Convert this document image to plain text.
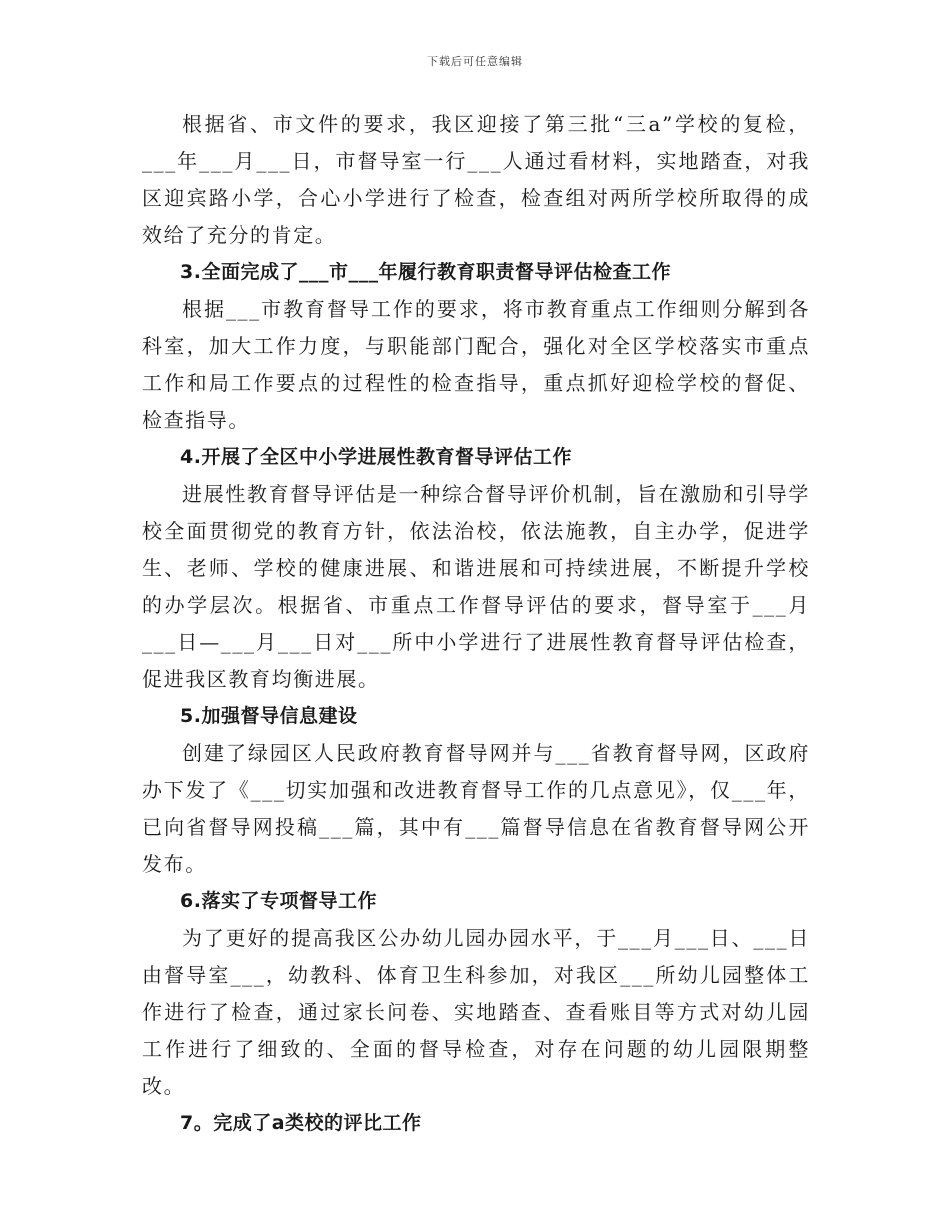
下载后可任意编辑

根据省、市文件的要求，我区迎接了第三批“三a”学校的复检，___年___月___日，市督导室一行___人通过看材料，实地踏查，对我区迎宾路小学，合心小学进行了检查，检查组对两所学校所取得的成效给了充分的肯定。

3.全面完成了___市___年履行教育职责督导评估检查工作

根据___市教育督导工作的要求，将市教育重点工作细则分解到各科室，加大工作力度，与职能部门配合，强化对全区学校落实市重点工作和局工作要点的过程性的检查指导，重点抓好迎检学校的督促、检查指导。

4.开展了全区中小学进展性教育督导评估工作

进展性教育督导评估是一种综合督导评价机制，旨在激励和引导学校全面贯彻党的教育方针，依法治校，依法施教，自主办学，促进学生、老师、学校的健康进展、和谐进展和可持续进展，不断提升学校的办学层次。根据省、市重点工作督导评估的要求，督导室于___月___日—___月___日对___所中小学进行了进展性教育督导评估检查，促进我区教育均衡进展。

5.加强督导信息建设

创建了绿园区人民政府教育督导网并与___省教育督导网，区政府办下发了《___切实加强和改进教育督导工作的几点意见》，仅___年，已向省督导网投稿___篇，其中有___篇督导信息在省教育督导网公开发布。

6.落实了专项督导工作

为了更好的提高我区公办幼儿园办园水平，于___月___日、___日由督导室___，幼教科、体育卫生科参加，对我区___所幼儿园整体工作进行了检查，通过家长问卷、实地踏查、查看账目等方式对幼儿园工作进行了细致的、全面的督导检查，对存在问题的幼儿园限期整改。

7。完成了a类校的评比工作
